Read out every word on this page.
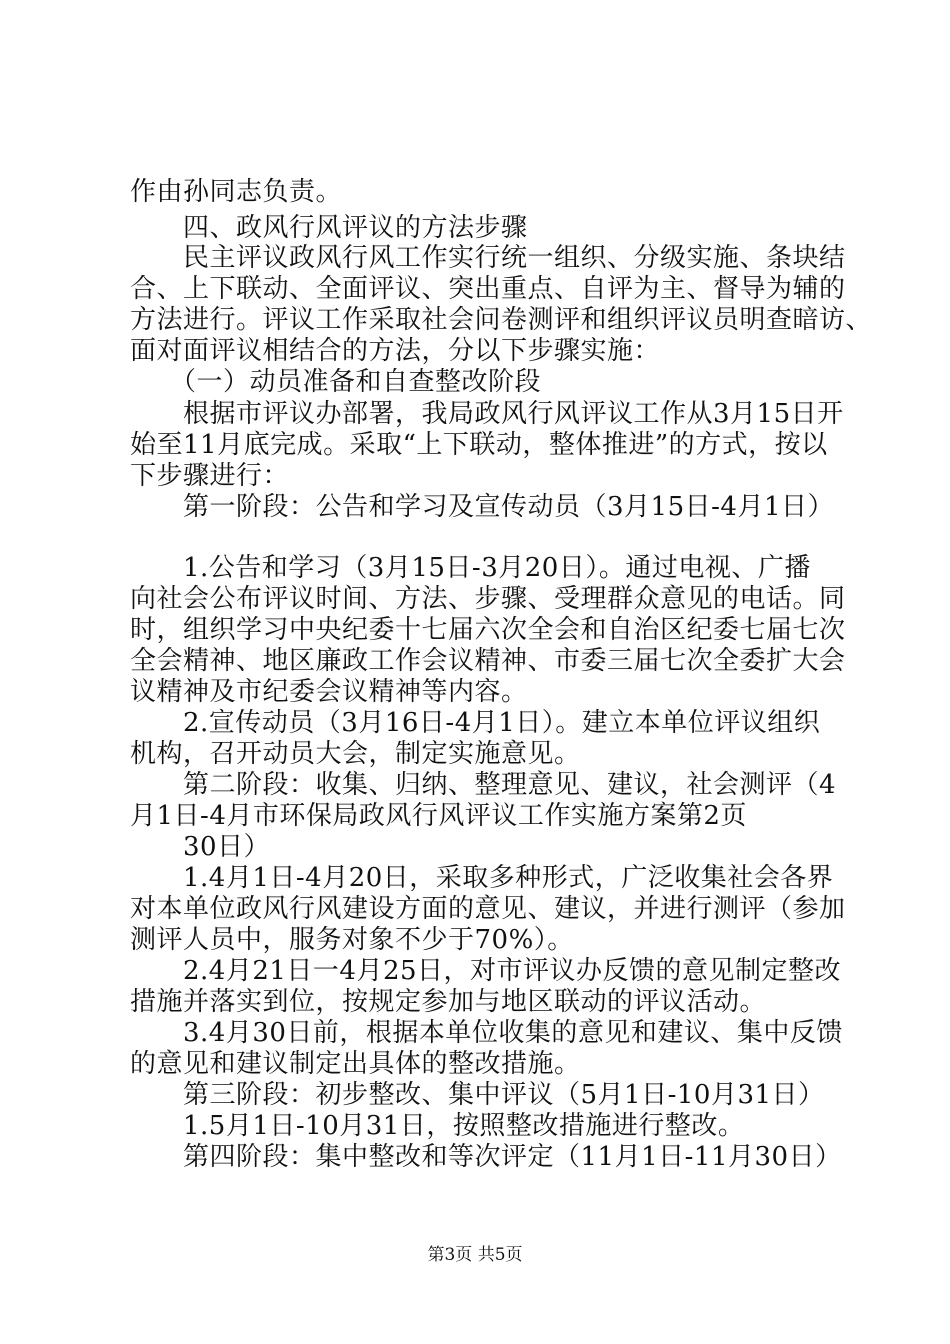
作由孙同志负责。

　　四、政风行风评议的方法步骤

　　民主评议政风行风工作实行统一组织、分级实施、条块结

合、上下联动、全面评议、突出重点、自评为主、督导为辅的

方法进行。评议工作采取社会问卷测评和组织评议员明查暗访、

面对面评议相结合的方法，分以下步骤实施：

　　（一）动员准备和自查整改阶段

　　根据市评议办部署，我局政风行风评议工作从3月15日开

始至11月底完成。采取“上下联动，整体推进”的方式，按以

下步骤进行：

　　第一阶段：公告和学习及宣传动员（3月15日-4月1日）

　　1.公告和学习（3月15日-3月20日）。通过电视、广播

向社会公布评议时间、方法、步骤、受理群众意见的电话。同

时，组织学习中央纪委十七届六次全会和自治区纪委七届七次

全会精神、地区廉政工作会议精神、市委三届七次全委扩大会

议精神及市纪委会议精神等内容。

　　2.宣传动员（3月16日-4月1日）。建立本单位评议组织

机构，召开动员大会，制定实施意见。

　　第二阶段：收集、归纳、整理意见、建议，社会测评（4

月1日-4月市环保局政风行风评议工作实施方案第2页

　　30日）

　　1.4月1日-4月20日，采取多种形式，广泛收集社会各界

对本单位政风行风建设方面的意见、建议，并进行测评（参加

测评人员中，服务对象不少于70%）。

　　2.4月21日一4月25日，对市评议办反馈的意见制定整改

措施并落实到位，按规定参加与地区联动的评议活动。

　　3.4月30日前，根据本单位收集的意见和建议、集中反馈

的意见和建议制定出具体的整改措施。

　　第三阶段：初步整改、集中评议（5月1日-10月31日）

　　1.5月1日-10月31日，按照整改措施进行整改。

　　第四阶段：集中整改和等次评定（11月1日-11月30日）

第3页 共5页
